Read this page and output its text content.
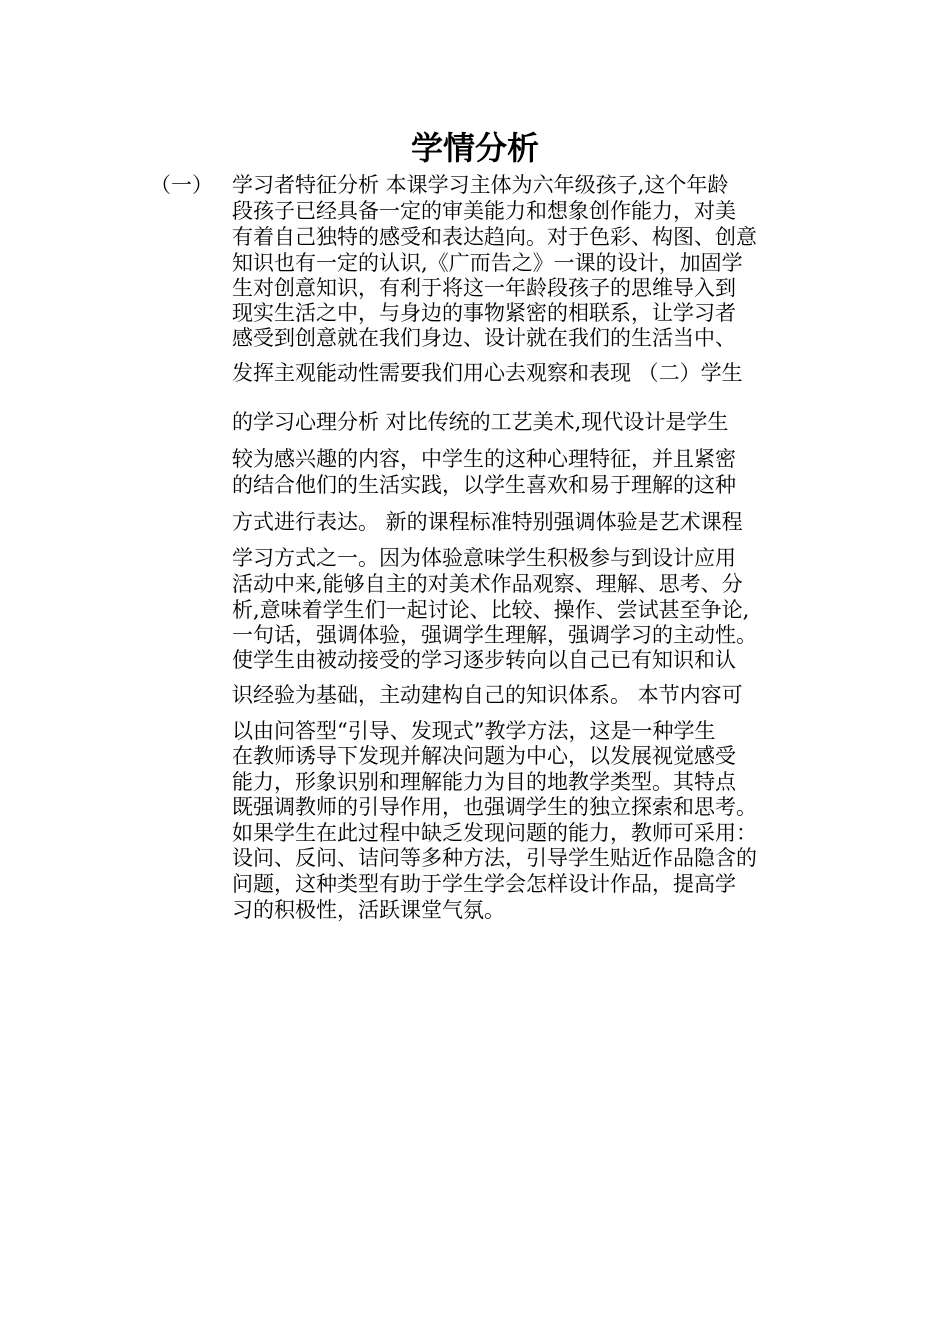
学情分析
（一） 学习者特征分析 本课学习主体为六年级孩子,这个年龄
段孩子已经具备一定的审美能力和想象创作能力，对美
有着自己独特的感受和表达趋向。对于色彩、构图、创意
知识也有一定的认识,《广而告之》一课的设计，加固学
生对创意知识，有利于将这一年龄段孩子的思维导入到
现实生活之中，与身边的事物紧密的相联系，让学习者
感受到创意就在我们身边、设计就在我们的生活当中、
发挥主观能动性需要我们用心去观察和表现 （二）学生
的学习心理分析 对比传统的工艺美术,现代设计是学生
较为感兴趣的内容，中学生的这种心理特征，并且紧密
的结合他们的生活实践，以学生喜欢和易于理解的这种
方式进行表达。 新的课程标准特别强调体验是艺术课程
学习方式之一。因为体验意味学生积极参与到设计应用
活动中来,能够自主的对美术作品观察、理解、思考、分
析,意味着学生们一起讨论、比较、操作、尝试甚至争论,
一句话，强调体验，强调学生理解，强调学习的主动性。
使学生由被动接受的学习逐步转向以自己已有知识和认
识经验为基础，主动建构自己的知识体系。 本节内容可
以由问答型“引导、发现式”教学方法，这是一种学生
在教师诱导下发现并解决问题为中心，以发展视觉感受
能力，形象识别和理解能力为目的地教学类型。其特点
既强调教师的引导作用，也强调学生的独立探索和思考。
如果学生在此过程中缺乏发现问题的能力，教师可采用：
设问、反问、诘问等多种方法，引导学生贴近作品隐含的
问题，这种类型有助于学生学会怎样设计作品，提高学
习的积极性，活跃课堂气氛。
